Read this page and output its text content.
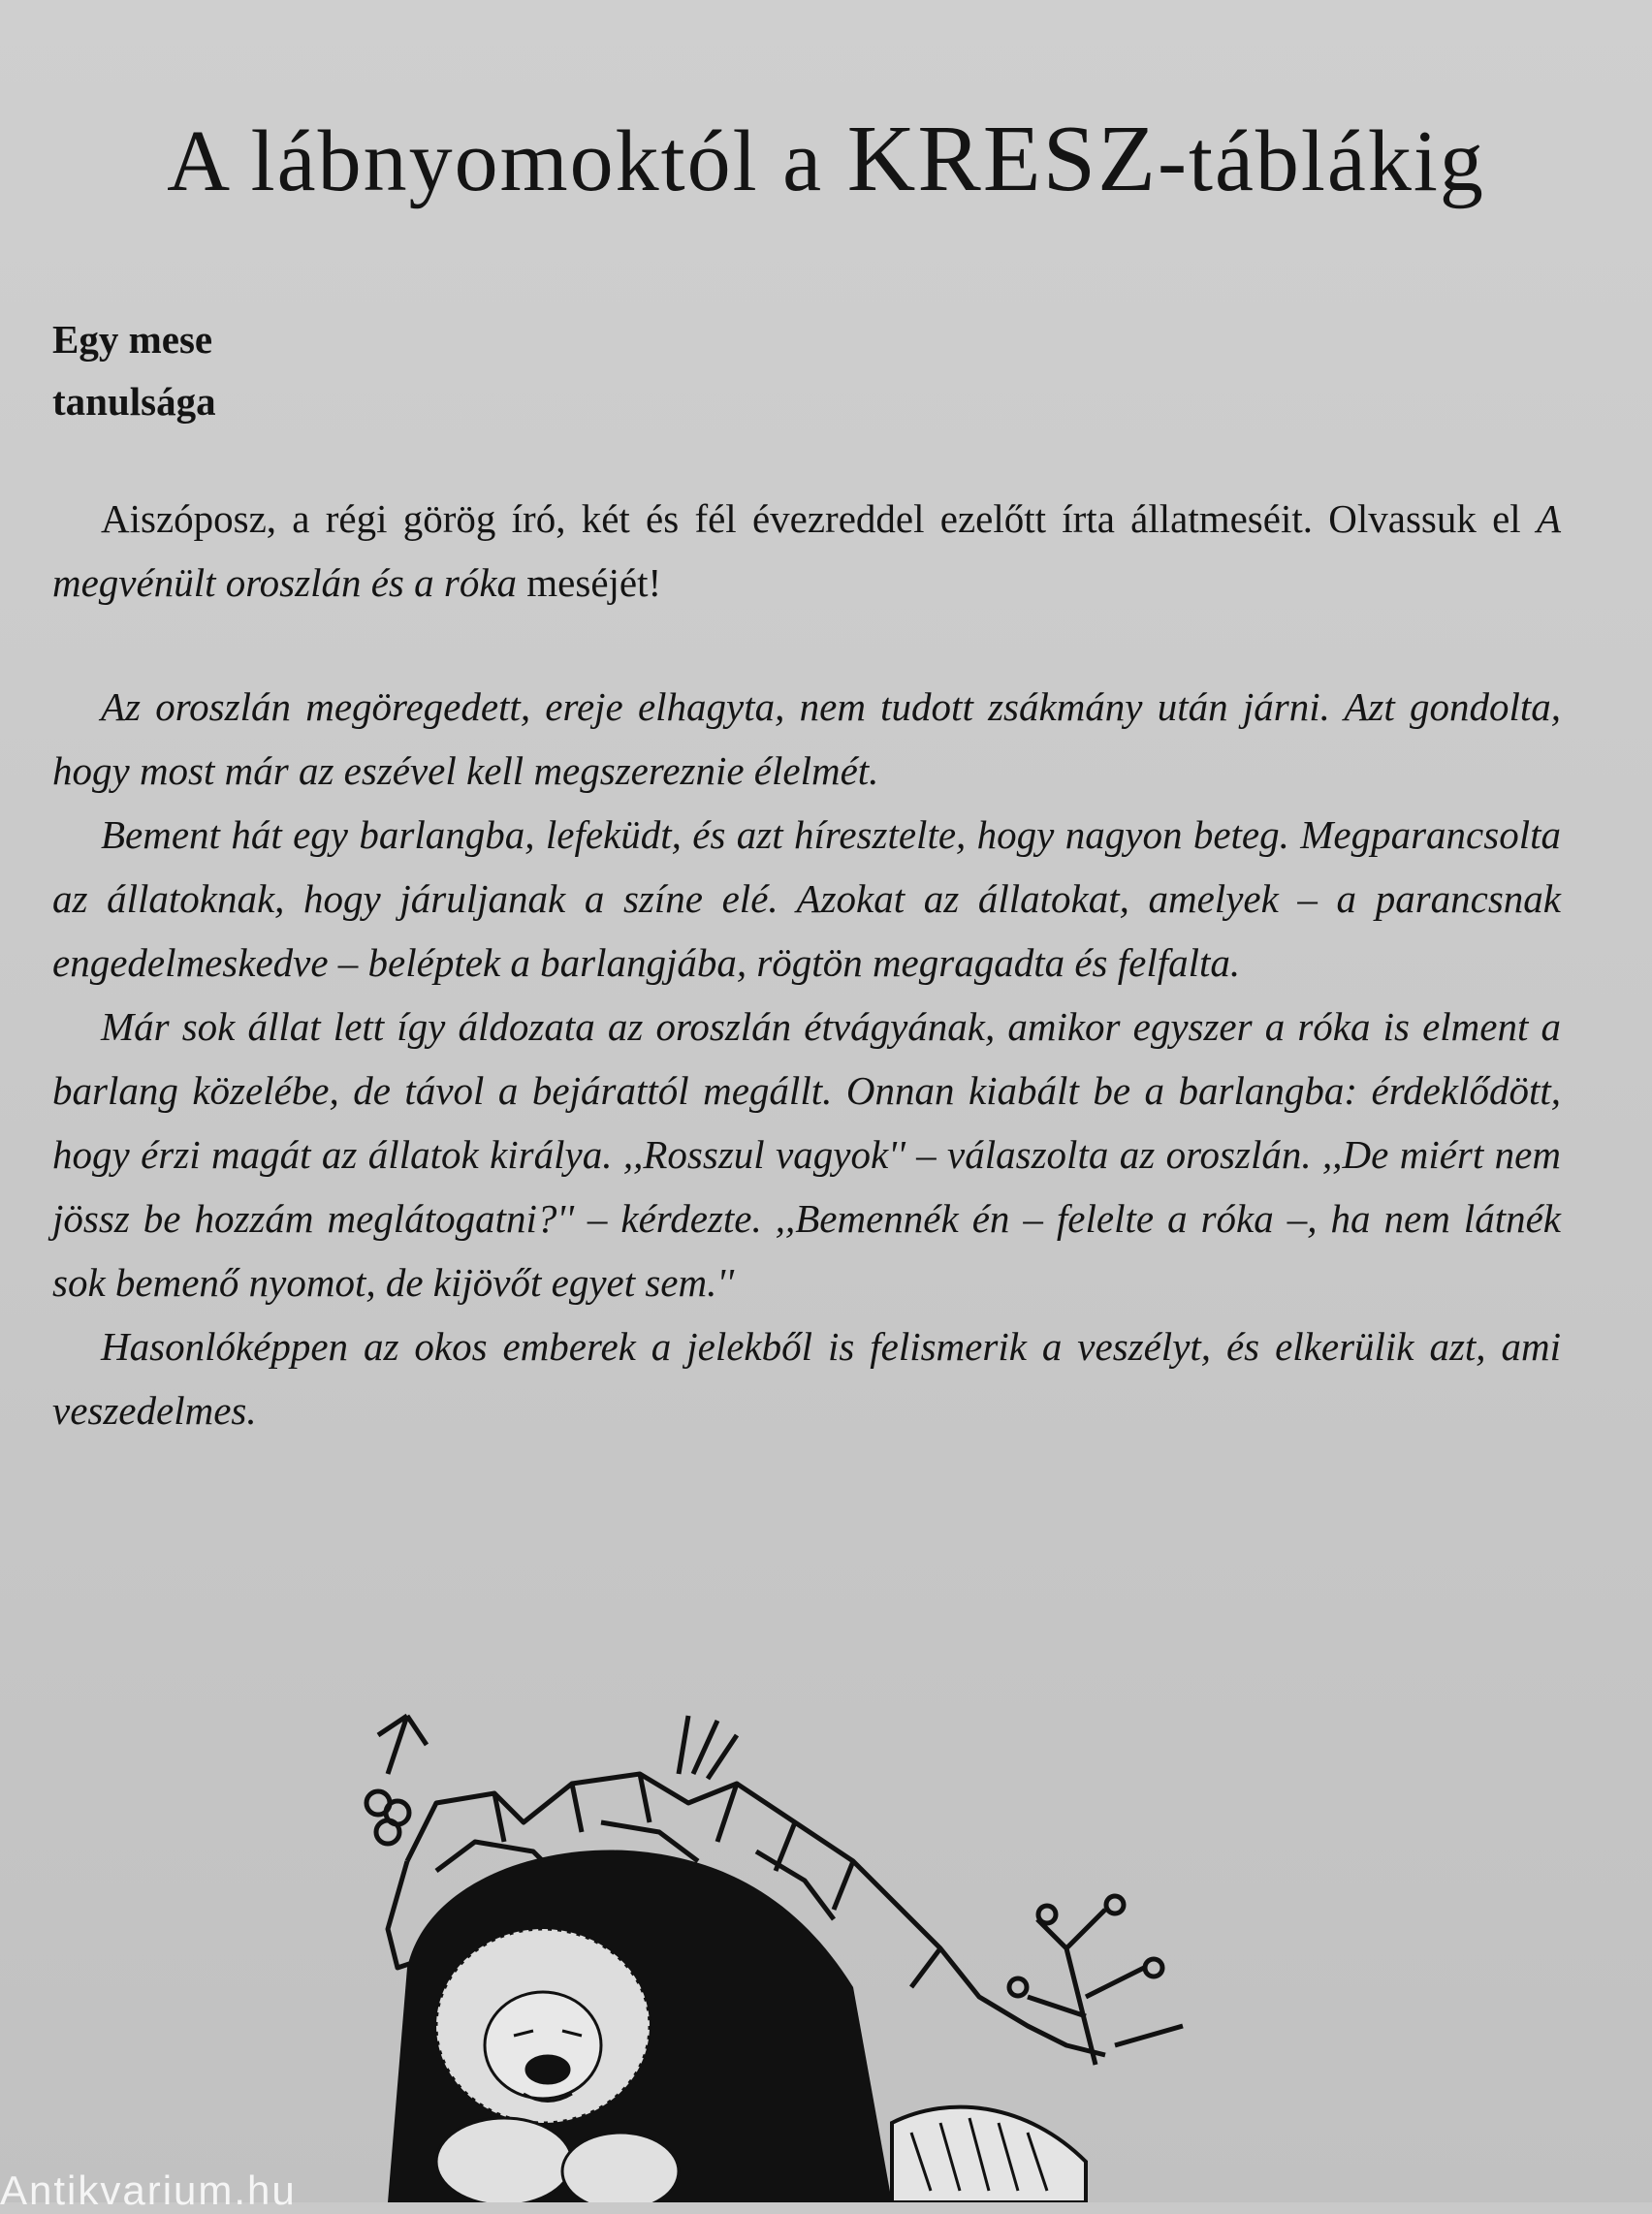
A lábnyomoktól a KRESZ-táblákig
Egy mese
tanulsága

Aiszóposz, a régi görög író, két és fél évezreddel ezelőtt írta állatmeséit. Olvassuk el A megvénült oroszlán és a róka meséjét!

Az oroszlán megöregedett, ereje elhagyta, nem tudott zsákmány után járni. Azt gondolta, hogy most már az eszével kell megszereznie élelmét.

Bement hát egy barlangba, lefeküdt, és azt híresztelte, hogy nagyon beteg. Megparancsolta az állatoknak, hogy járuljanak a színe elé. Azokat az állatokat, amelyek – a parancsnak engedelmeskedve – beléptek a barlangjába, rögtön megragadta és felfalta.

Már sok állat lett így áldozata az oroszlán étvágyának, amikor egyszer a róka is elment a barlang közelébe, de távol a bejárattól megállt. Onnan kiabált be a barlangba: érdeklődött, hogy érzi magát az állatok királya. ,,Rosszul vagyok'' – válaszolta az oroszlán. ,,De miért nem jössz be hozzám meglátogatni?'' – kérdezte. ,,Bemennék én – felelte a róka –, ha nem látnék sok bemenő nyomot, de kijövőt egyet sem.''

Hasonlóképpen az okos emberek a jelekből is felismerik a veszélyt, és elkerülik azt, ami veszedelmes.

Antikvarium.hu
